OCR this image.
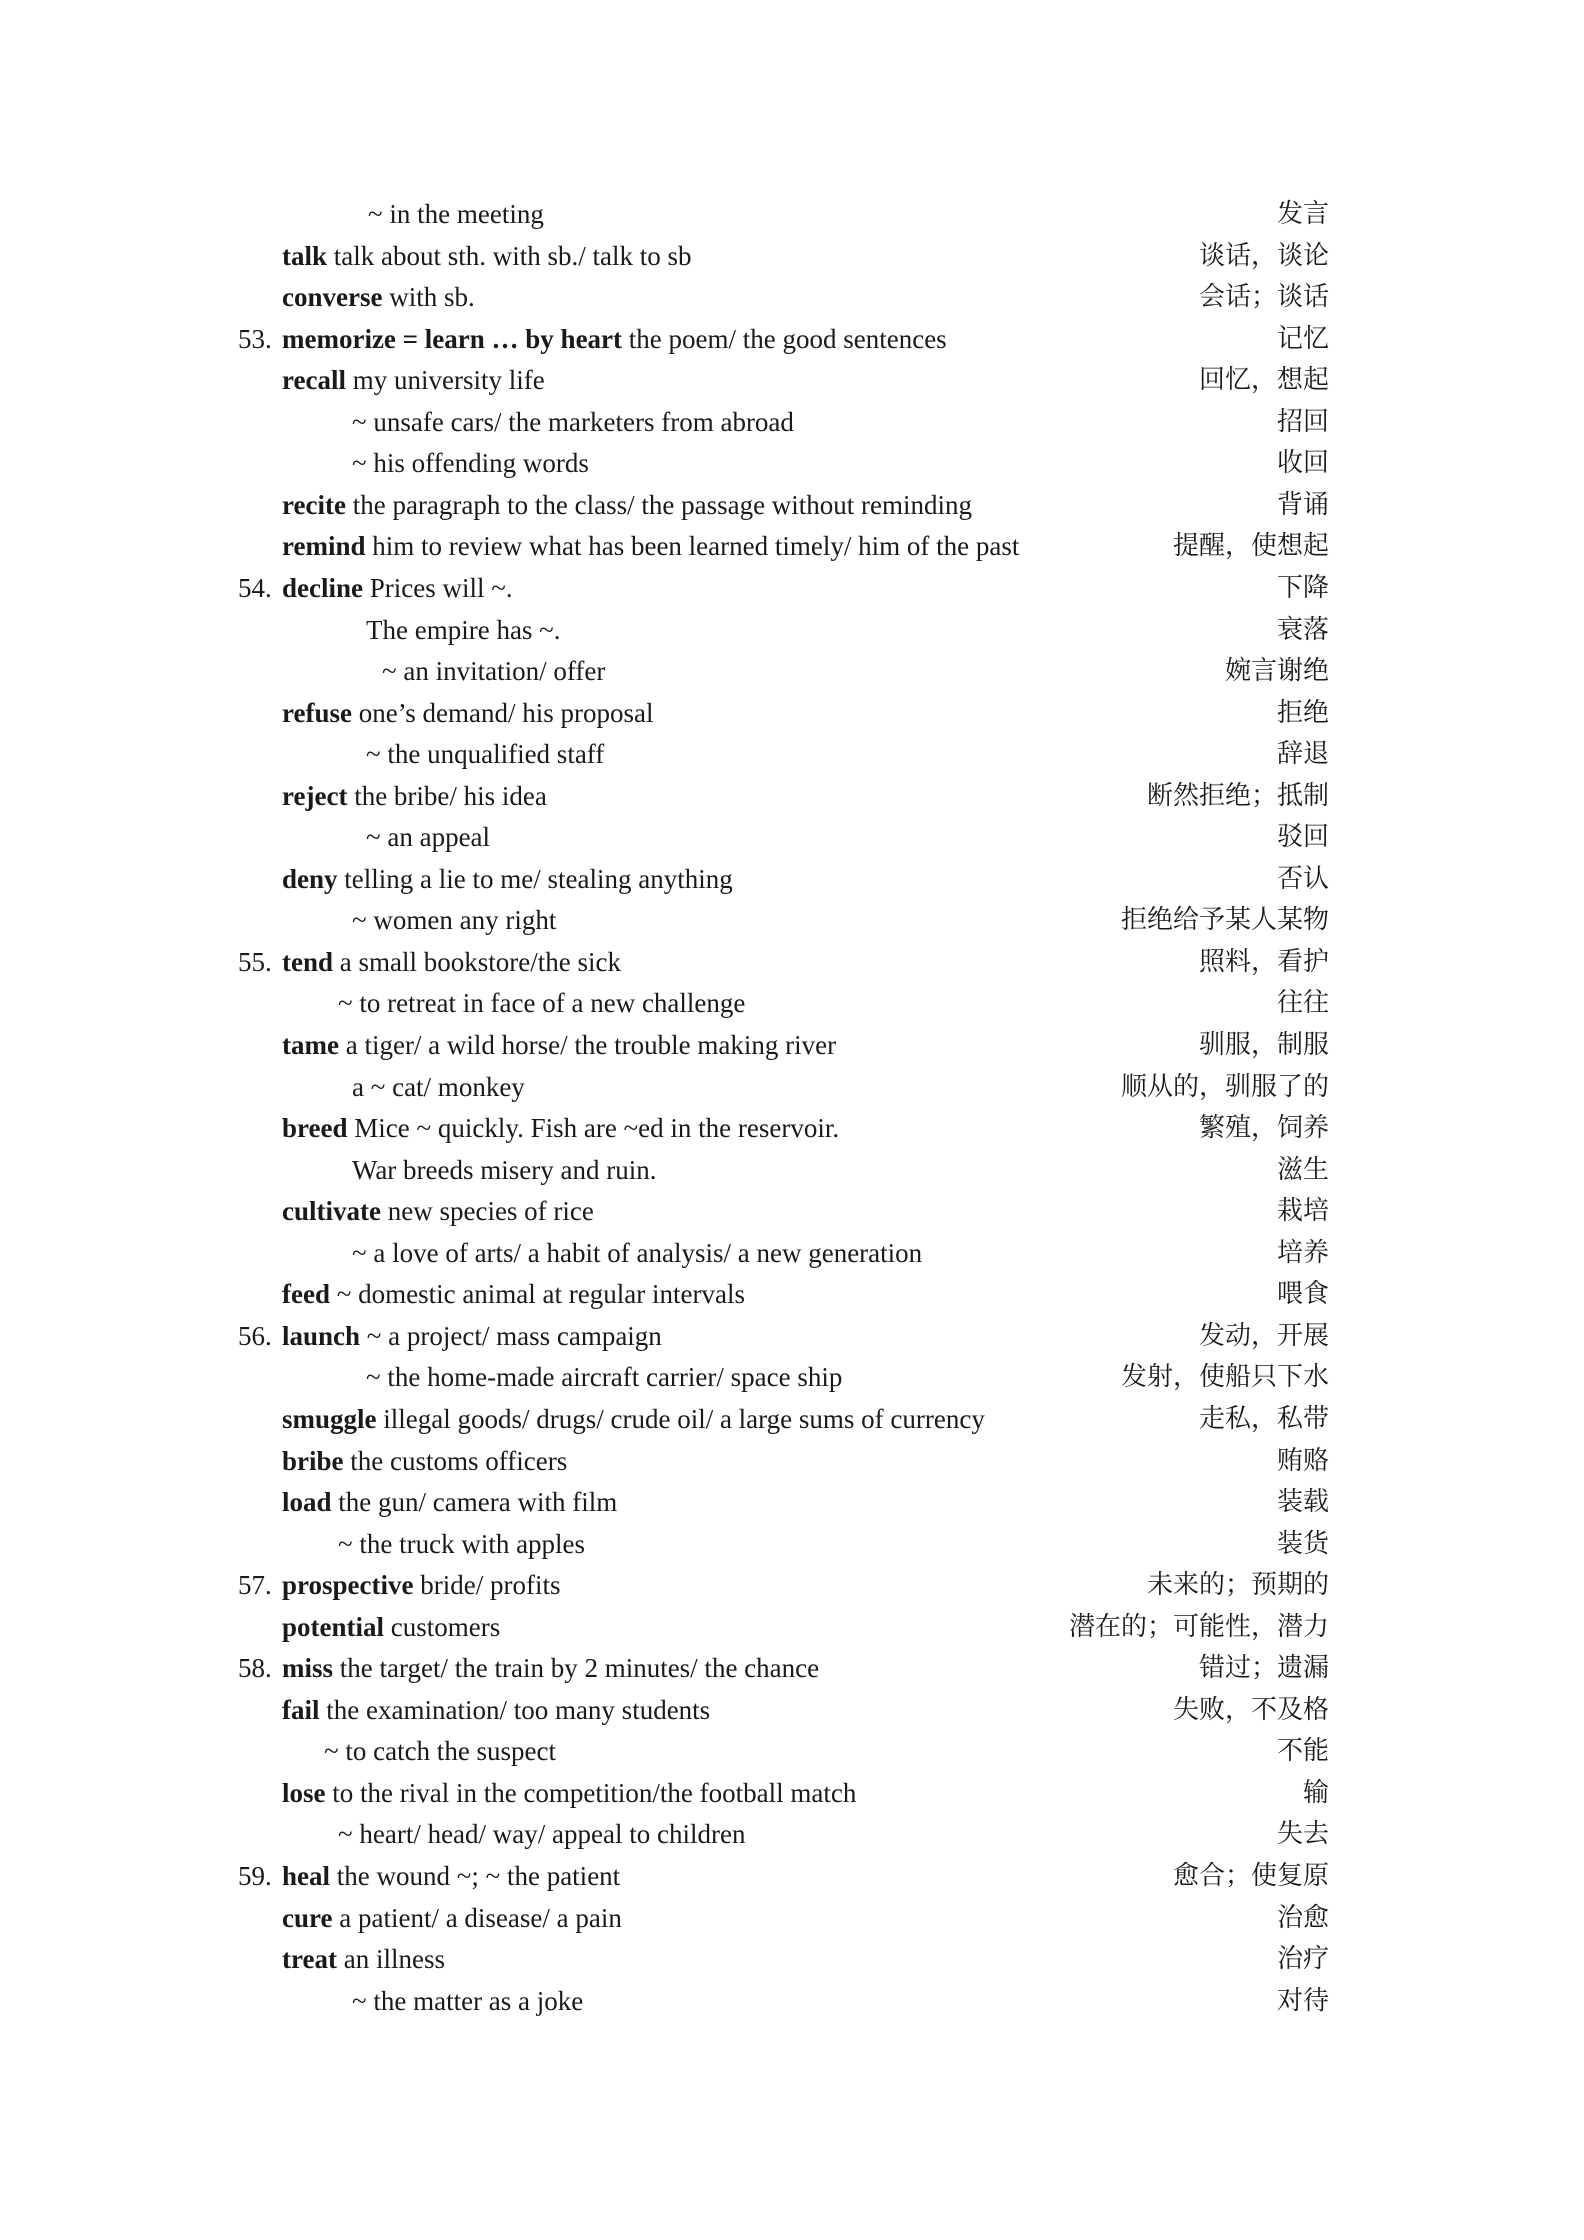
~ in the meeting	发言
talk talk about sth. with sb./ talk to sb	谈话，谈论
converse with sb.	会话；谈话
53. memorize = learn … by heart the poem/ the good sentences	记忆
recall my university life	回忆，想起
~ unsafe cars/ the marketers from abroad	招回
~ his offending words	收回
recite the paragraph to the class/ the passage without reminding	背诵
remind him to review what has been learned timely/ him of the past	提醒，使想起
54. decline Prices will ~.	下降
The empire has ~.	衰落
~ an invitation/ offer	婉言谢绝
refuse one’s demand/ his proposal	拒绝
~ the unqualified staff	辞退
reject the bribe/ his idea	断然拒绝；抵制
~ an appeal	驳回
deny telling a lie to me/ stealing anything	否认
~ women any right	拒绝给予某人某物
55. tend a small bookstore/the sick	照料，看护
~ to retreat in face of a new challenge	往往
tame a tiger/ a wild horse/ the trouble making river	驯服，制服
a ~ cat/ monkey	顺从的，驯服了的
breed Mice ~ quickly. Fish are ~ed in the reservoir.	繁殖，饲养
War breeds misery and ruin.	滋生
cultivate new species of rice	栽培
~ a love of arts/ a habit of analysis/ a new generation	培养
feed ~ domestic animal at regular intervals	喂食
56. launch ~ a project/ mass campaign	发动，开展
~ the home-made aircraft carrier/ space ship	发射，使船只下水
smuggle illegal goods/ drugs/ crude oil/ a large sums of currency	走私，私带
bribe the customs officers	贿赂
load the gun/ camera with film	装载
~ the truck with apples	装货
57. prospective bride/ profits	未来的；预期的
potential customers	潜在的；可能性，潜力
58. miss the target/ the train by 2 minutes/ the chance	错过；遗漏
fail the examination/ too many students	失败，不及格
~ to catch the suspect	不能
lose to the rival in the competition/the football match	输
~ heart/ head/ way/ appeal to children	失去
59. heal the wound ~; ~ the patient	愈合；使复原
cure a patient/ a disease/ a pain	治愈
treat an illness	治疗
~ the matter as a joke	对待
